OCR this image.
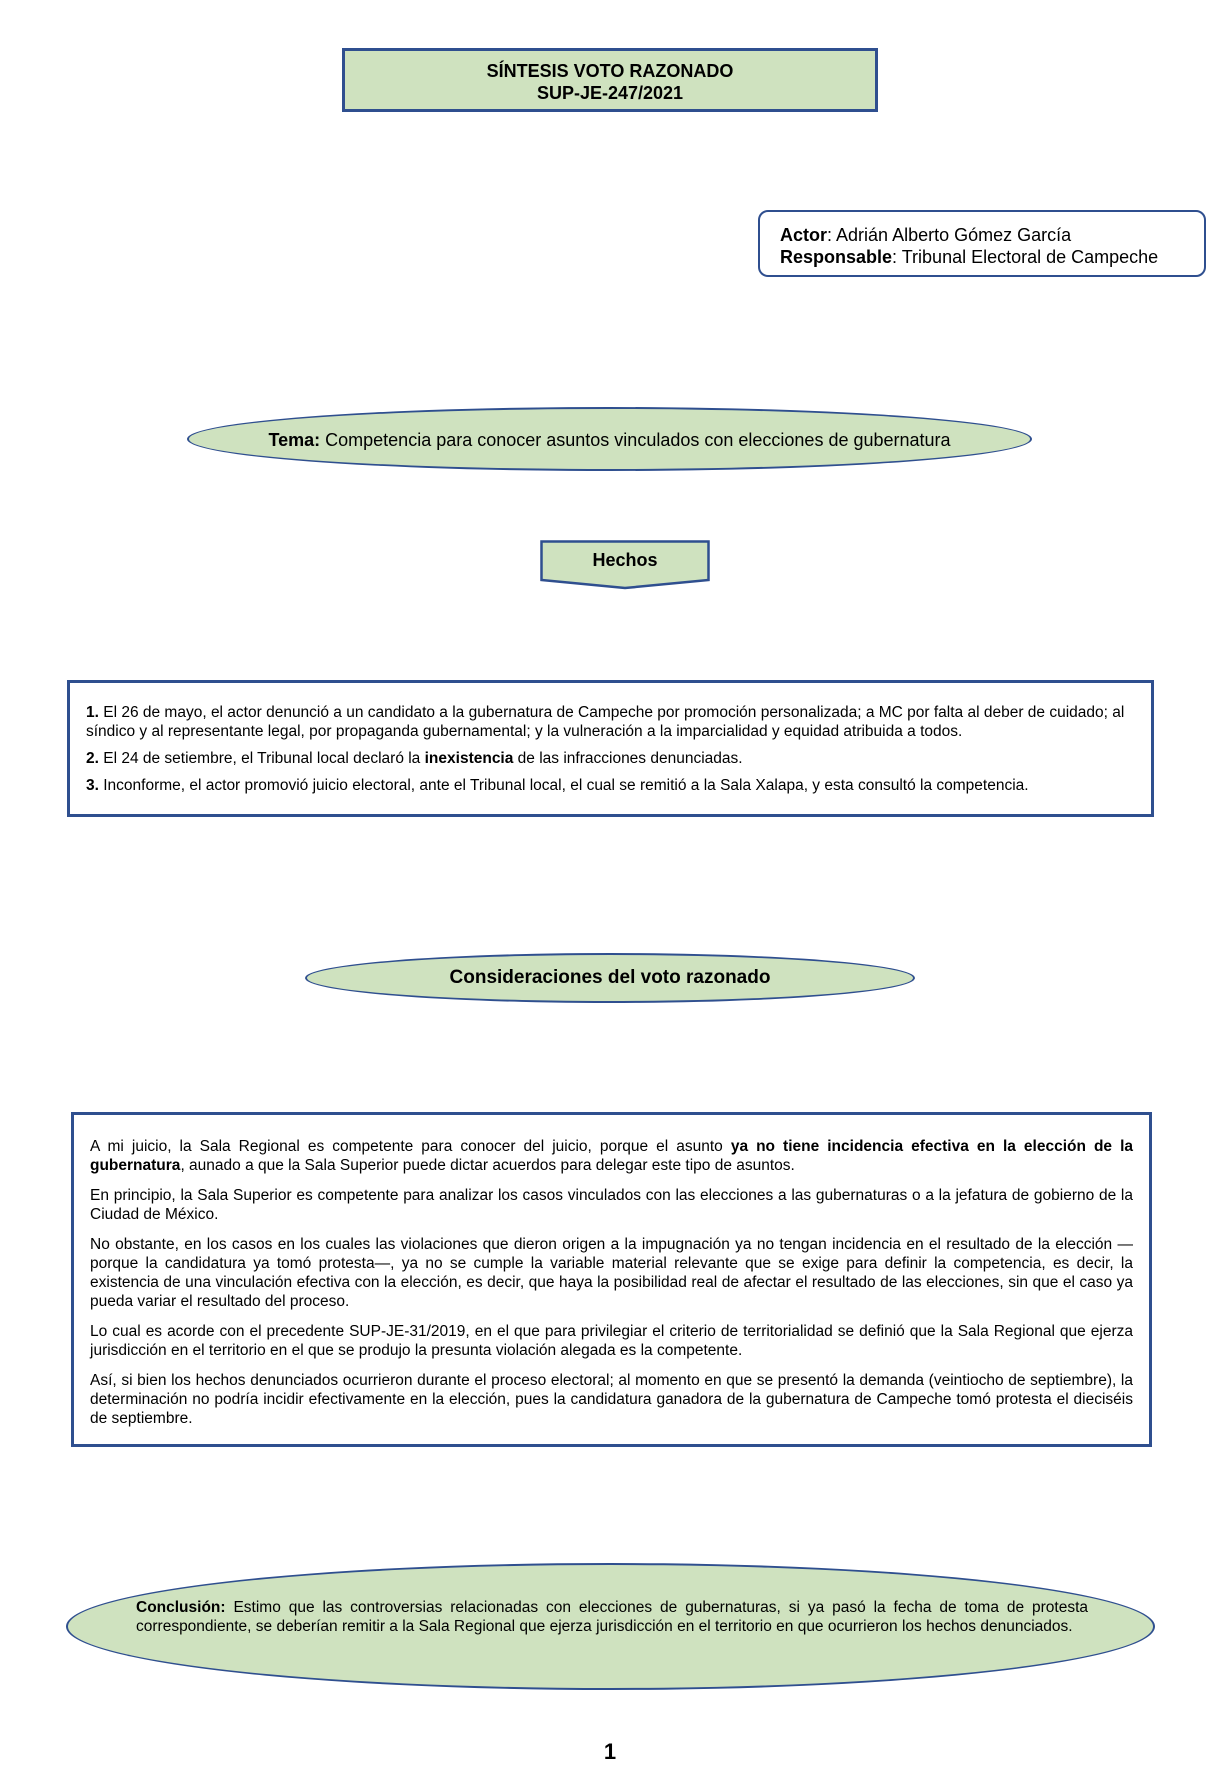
SÍNTESIS VOTO RAZONADO
SUP-JE-247/2021
Actor: Adrián Alberto Gómez García
Responsable: Tribunal Electoral de Campeche
Tema: Competencia para conocer asuntos vinculados con elecciones de gubernatura
Hechos

1. El 26 de mayo, el actor denunció a un candidato a la gubernatura de Campeche por promoción personalizada; a MC por falta al deber de cuidado; al síndico y al representante legal, por propaganda gubernamental; y la vulneración a la imparcialidad y equidad atribuida a todos.

2. El 24 de setiembre, el Tribunal local declaró la inexistencia de las infracciones denunciadas.

3. Inconforme, el actor promovió juicio electoral, ante el Tribunal local, el cual se remitió a la Sala Xalapa, y esta consultó la competencia.

Consideraciones del voto razonado

A mi juicio, la Sala Regional es competente para conocer del juicio, porque el asunto ya no tiene incidencia efectiva en la elección de la gubernatura, aunado a que la Sala Superior puede dictar acuerdos para delegar este tipo de asuntos.

En principio, la Sala Superior es competente para analizar los casos vinculados con las elecciones a las gubernaturas o a la jefatura de gobierno de la Ciudad de México.

No obstante, en los casos en los cuales las violaciones que dieron origen a la impugnación ya no tengan incidencia en el resultado de la elección —porque la candidatura ya tomó protesta—, ya no se cumple la variable material relevante que se exige para definir la competencia, es decir, la existencia de una vinculación efectiva con la elección, es decir, que haya la posibilidad real de afectar el resultado de las elecciones, sin que el caso ya pueda variar el resultado del proceso.

Lo cual es acorde con el precedente SUP-JE-31/2019, en el que para privilegiar el criterio de territorialidad se definió que la Sala Regional que ejerza jurisdicción en el territorio en el que se produjo la presunta violación alegada es la competente.

Así, si bien los hechos denunciados ocurrieron durante el proceso electoral; al momento en que se presentó la demanda (veintiocho de septiembre), la determinación no podría incidir efectivamente en la elección, pues la candidatura ganadora de la gubernatura de Campeche tomó protesta el dieciséis de septiembre.

Conclusión: Estimo que las controversias relacionadas con elecciones de gubernaturas, si ya pasó la fecha de toma de protesta correspondiente, se deberían remitir a la Sala Regional que ejerza jurisdicción en el territorio en que ocurrieron los hechos denunciados.
1
